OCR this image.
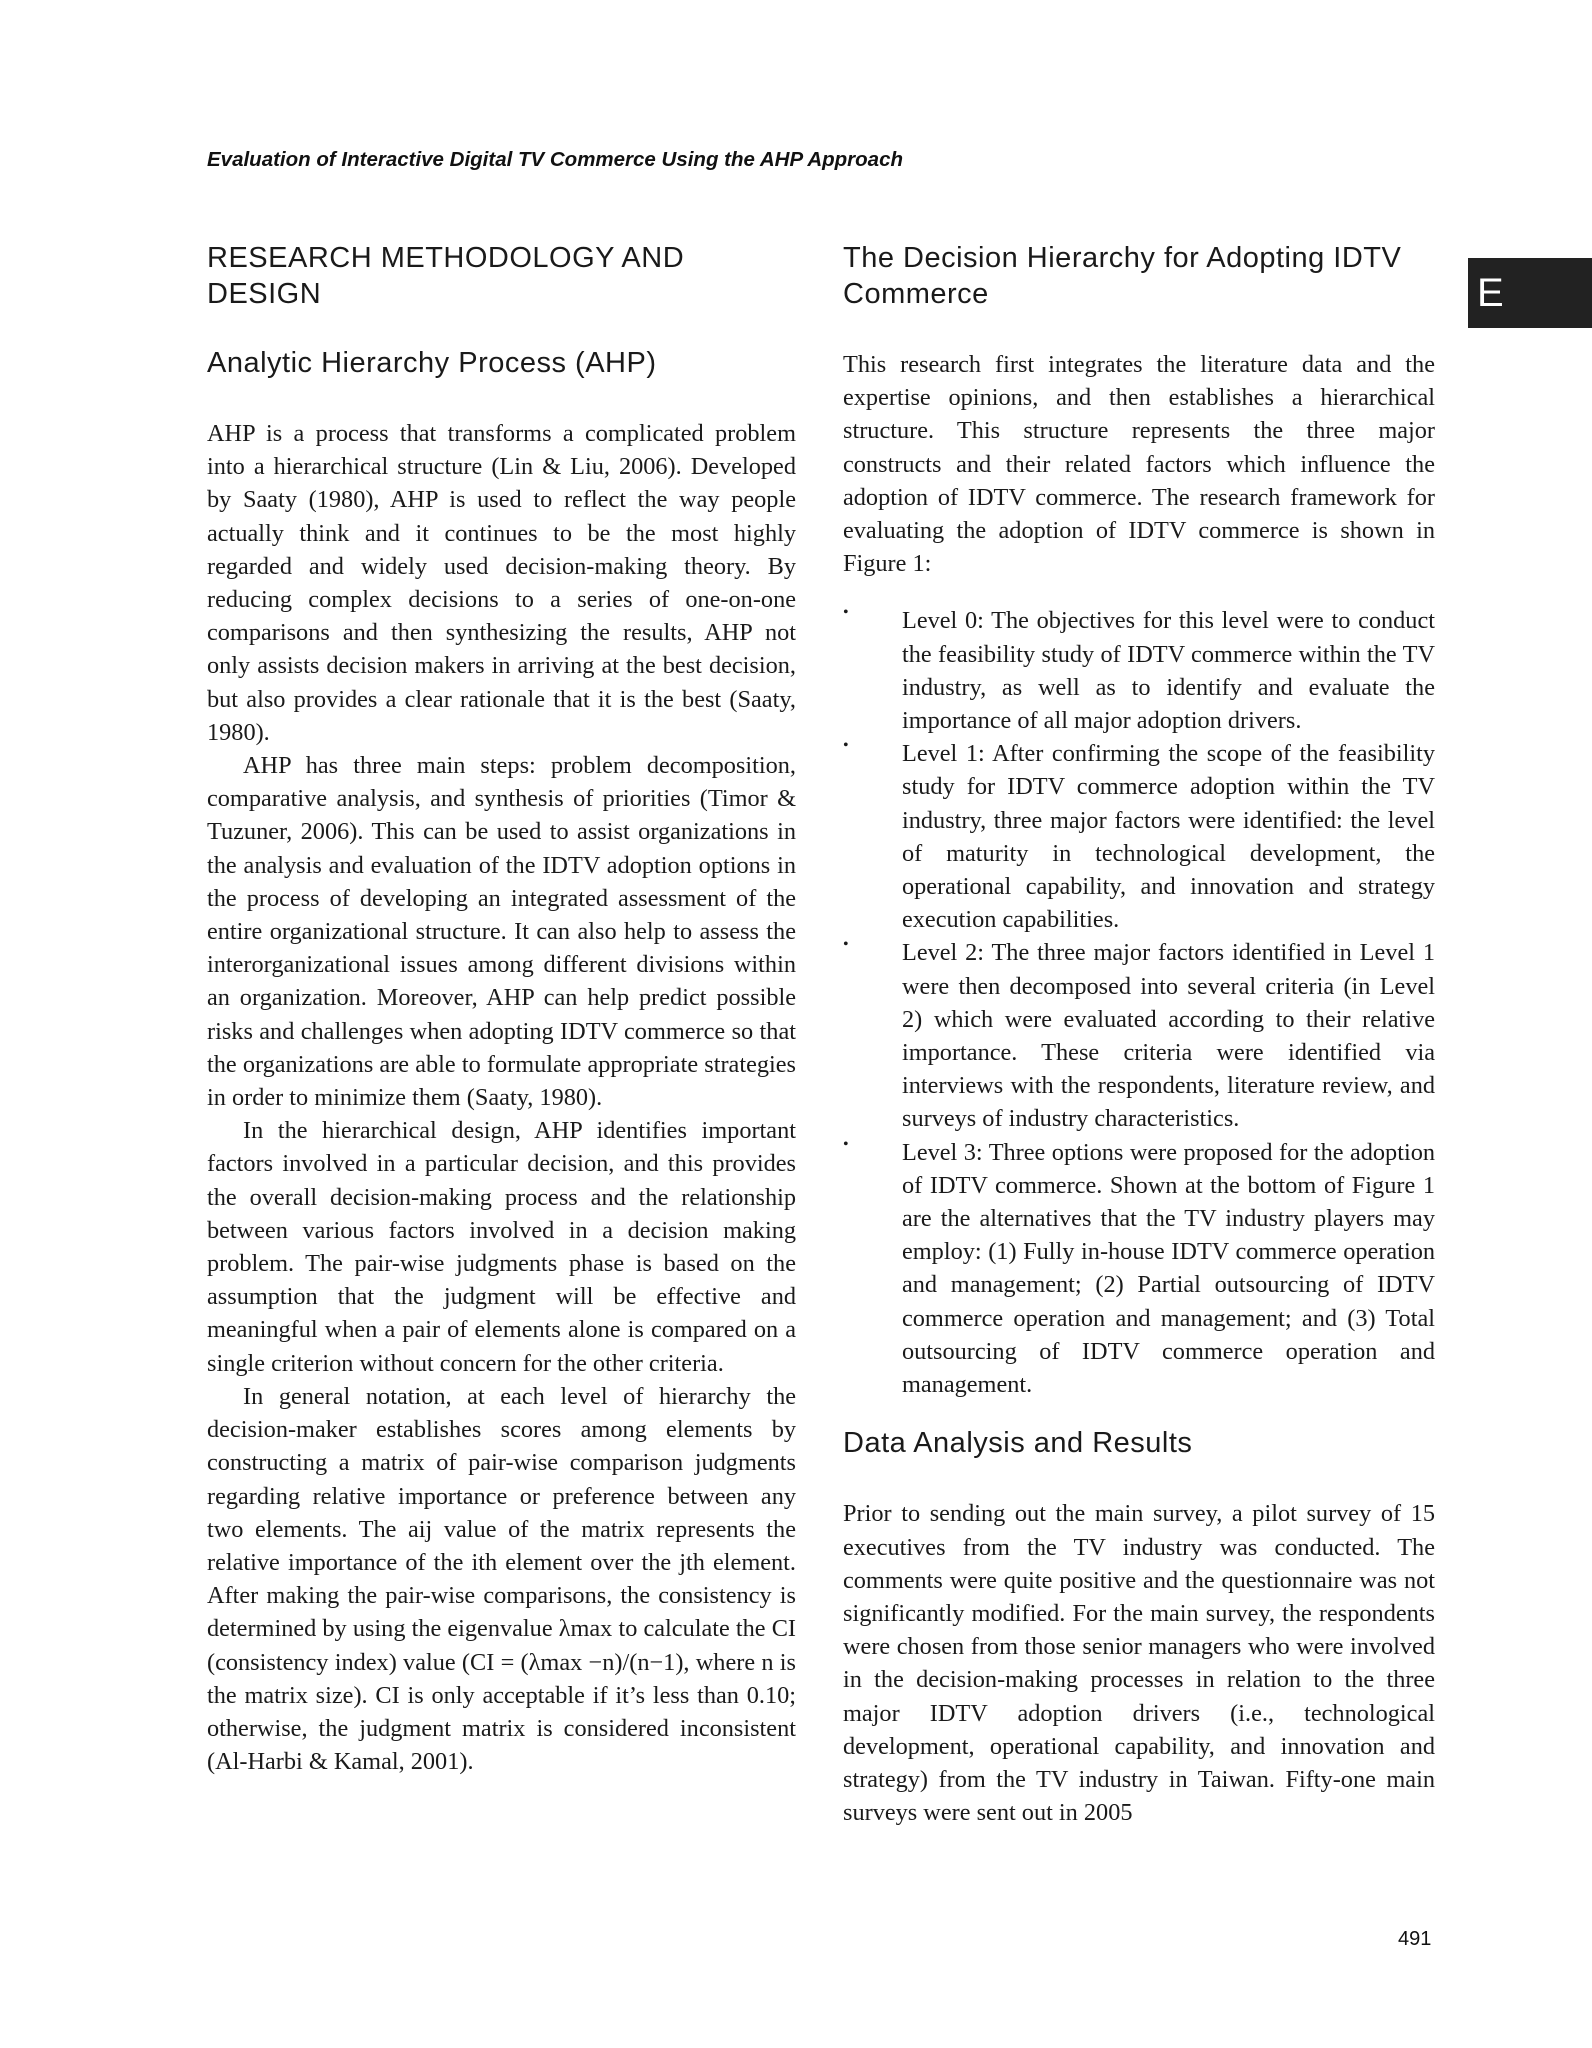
Evaluation of Interactive Digital TV Commerce Using the AHP Approach
E
RESEARCH METHODOLOGY AND DESIGN
Analytic Hierarchy Process (AHP)

AHP is a process that transforms a complicated problem into a hierarchical structure (Lin & Liu, 2006). Developed by Saaty (1980), AHP is used to reflect the way people actually think and it continues to be the most highly regarded and widely used decision-making theory. By reducing complex decisions to a series of one-on-one comparisons and then synthesizing the results, AHP not only assists decision makers in arriving at the best decision, but also provides a clear rationale that it is the best (Saaty, 1980).

AHP has three main steps: problem decomposition, comparative analysis, and synthesis of priorities (Timor & Tuzuner, 2006). This can be used to assist organizations in the analysis and evaluation of the IDTV adoption options in the process of developing an integrated assessment of the entire organizational structure. It can also help to assess the interorganizational issues among different divisions within an organization. Moreover, AHP can help predict possible risks and challenges when adopting IDTV commerce so that the organizations are able to formulate appropriate strategies in order to minimize them (Saaty, 1980).

In the hierarchical design, AHP identifies important factors involved in a particular decision, and this provides the overall decision-making process and the relationship between various factors involved in a decision making problem. The pair-wise judgments phase is based on the assumption that the judgment will be effective and meaningful when a pair of elements alone is compared on a single criterion without concern for the other criteria.

In general notation, at each level of hierarchy the decision-maker establishes scores among elements by constructing a matrix of pair-wise comparison judgments regarding relative importance or preference between any two elements. The aij value of the matrix represents the relative importance of the ith element over the jth element. After making the pair-wise comparisons, the consistency is determined by using the eigenvalue λmax to calculate the CI (consistency index) value (CI = (λmax −n)/(n−1), where n is the matrix size). CI is only acceptable if it’s less than 0.10; otherwise, the judgment matrix is considered inconsistent (Al-Harbi & Kamal, 2001).

The Decision Hierarchy for Adopting IDTV Commerce

This research first integrates the literature data and the expertise opinions, and then establishes a hierarchical structure. This structure represents the three major constructs and their related factors which influence the adoption of IDTV commerce. The research framework for evaluating the adoption of IDTV commerce is shown in Figure 1:

• Level 0: The objectives for this level were to conduct the feasibility study of IDTV commerce within the TV industry, as well as to identify and evaluate the importance of all major adoption drivers.
• Level 1: After confirming the scope of the feasibility study for IDTV commerce adoption within the TV industry, three major factors were identified: the level of maturity in technological development, the operational capability, and innovation and strategy execution capabilities.
• Level 2: The three major factors identified in Level 1 were then decomposed into several criteria (in Level 2) which were evaluated according to their relative importance. These criteria were identified via interviews with the respondents, literature review, and surveys of industry characteristics.
• Level 3: Three options were proposed for the adoption of IDTV commerce. Shown at the bottom of Figure 1 are the alternatives that the TV industry players may employ: (1) Fully in-house IDTV commerce operation and management; (2) Partial outsourcing of IDTV commerce operation and management; and (3) Total outsourcing of IDTV commerce operation and management.
Data Analysis and Results

Prior to sending out the main survey, a pilot survey of 15 executives from the TV industry was conducted. The comments were quite positive and the questionnaire was not significantly modified. For the main survey, the respondents were chosen from those senior managers who were involved in the decision-making processes in relation to the three major IDTV adoption drivers (i.e., technological development, operational capability, and innovation and strategy) from the TV industry in Taiwan. Fifty-one main surveys were sent out in 2005

491
